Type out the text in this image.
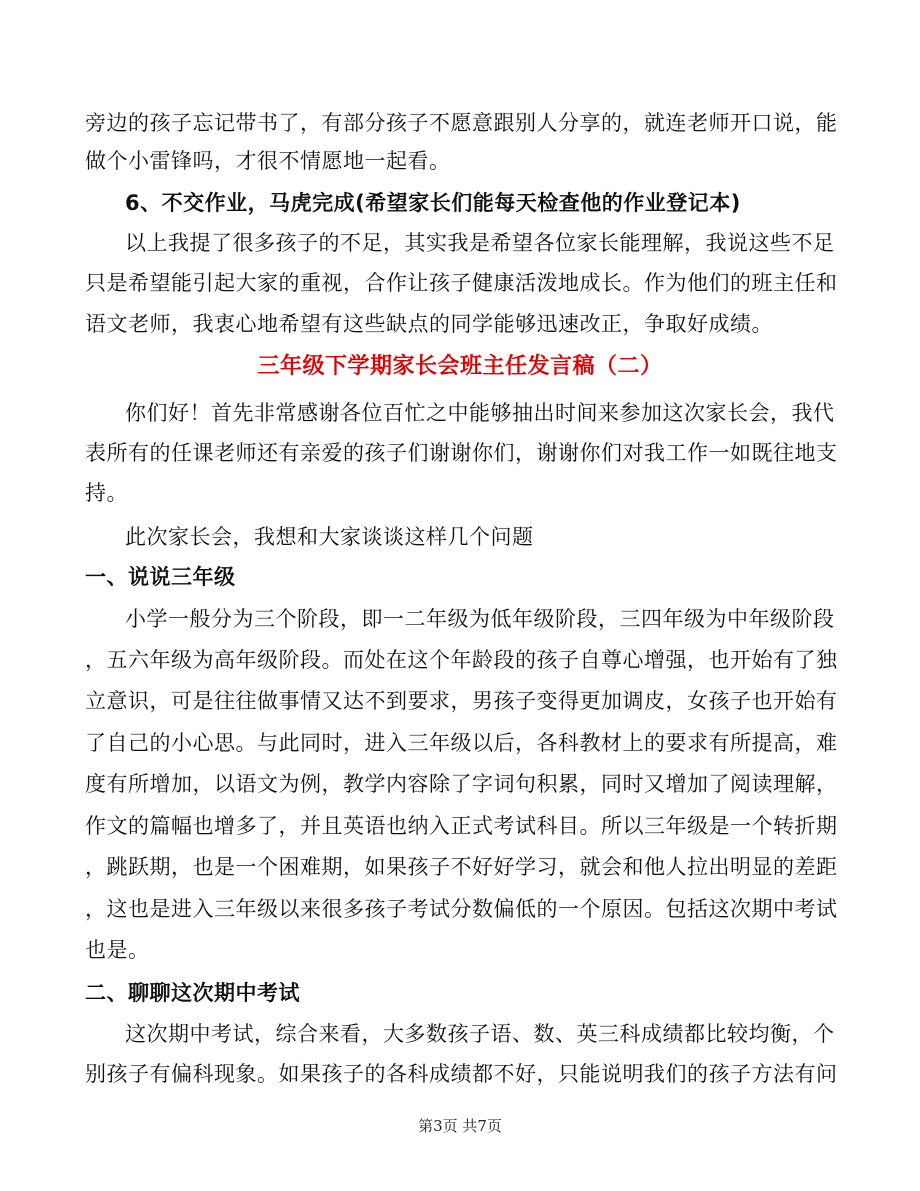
旁边的孩子忘记带书了，有部分孩子不愿意跟别人分享的，就连老师开口说，能
做个小雷锋吗，才很不情愿地一起看。
6、不交作业，马虎完成(希望家长们能每天检查他的作业登记本)
以上我提了很多孩子的不足，其实我是希望各位家长能理解，我说这些不足
只是希望能引起大家的重视，合作让孩子健康活泼地成长。作为他们的班主任和
语文老师，我衷心地希望有这些缺点的同学能够迅速改正，争取好成绩。
三年级下学期家长会班主任发言稿（二）
你们好！首先非常感谢各位百忙之中能够抽出时间来参加这次家长会，我代
表所有的任课老师还有亲爱的孩子们谢谢你们，谢谢你们对我工作一如既往地支
持。
此次家长会，我想和大家谈谈这样几个问题
一、说说三年级
小学一般分为三个阶段，即一二年级为低年级阶段，三四年级为中年级阶段
，五六年级为高年级阶段。而处在这个年龄段的孩子自尊心增强，也开始有了独
立意识，可是往往做事情又达不到要求，男孩子变得更加调皮，女孩子也开始有
了自己的小心思。与此同时，进入三年级以后，各科教材上的要求有所提高，难
度有所增加，以语文为例，教学内容除了字词句积累，同时又增加了阅读理解，
作文的篇幅也增多了，并且英语也纳入正式考试科目。所以三年级是一个转折期
，跳跃期，也是一个困难期，如果孩子不好好学习，就会和他人拉出明显的差距
，这也是进入三年级以来很多孩子考试分数偏低的一个原因。包括这次期中考试
也是。
二、聊聊这次期中考试
这次期中考试，综合来看，大多数孩子语、数、英三科成绩都比较均衡，个
别孩子有偏科现象。如果孩子的各科成绩都不好，只能说明我们的孩子方法有问
第3页 共7页
